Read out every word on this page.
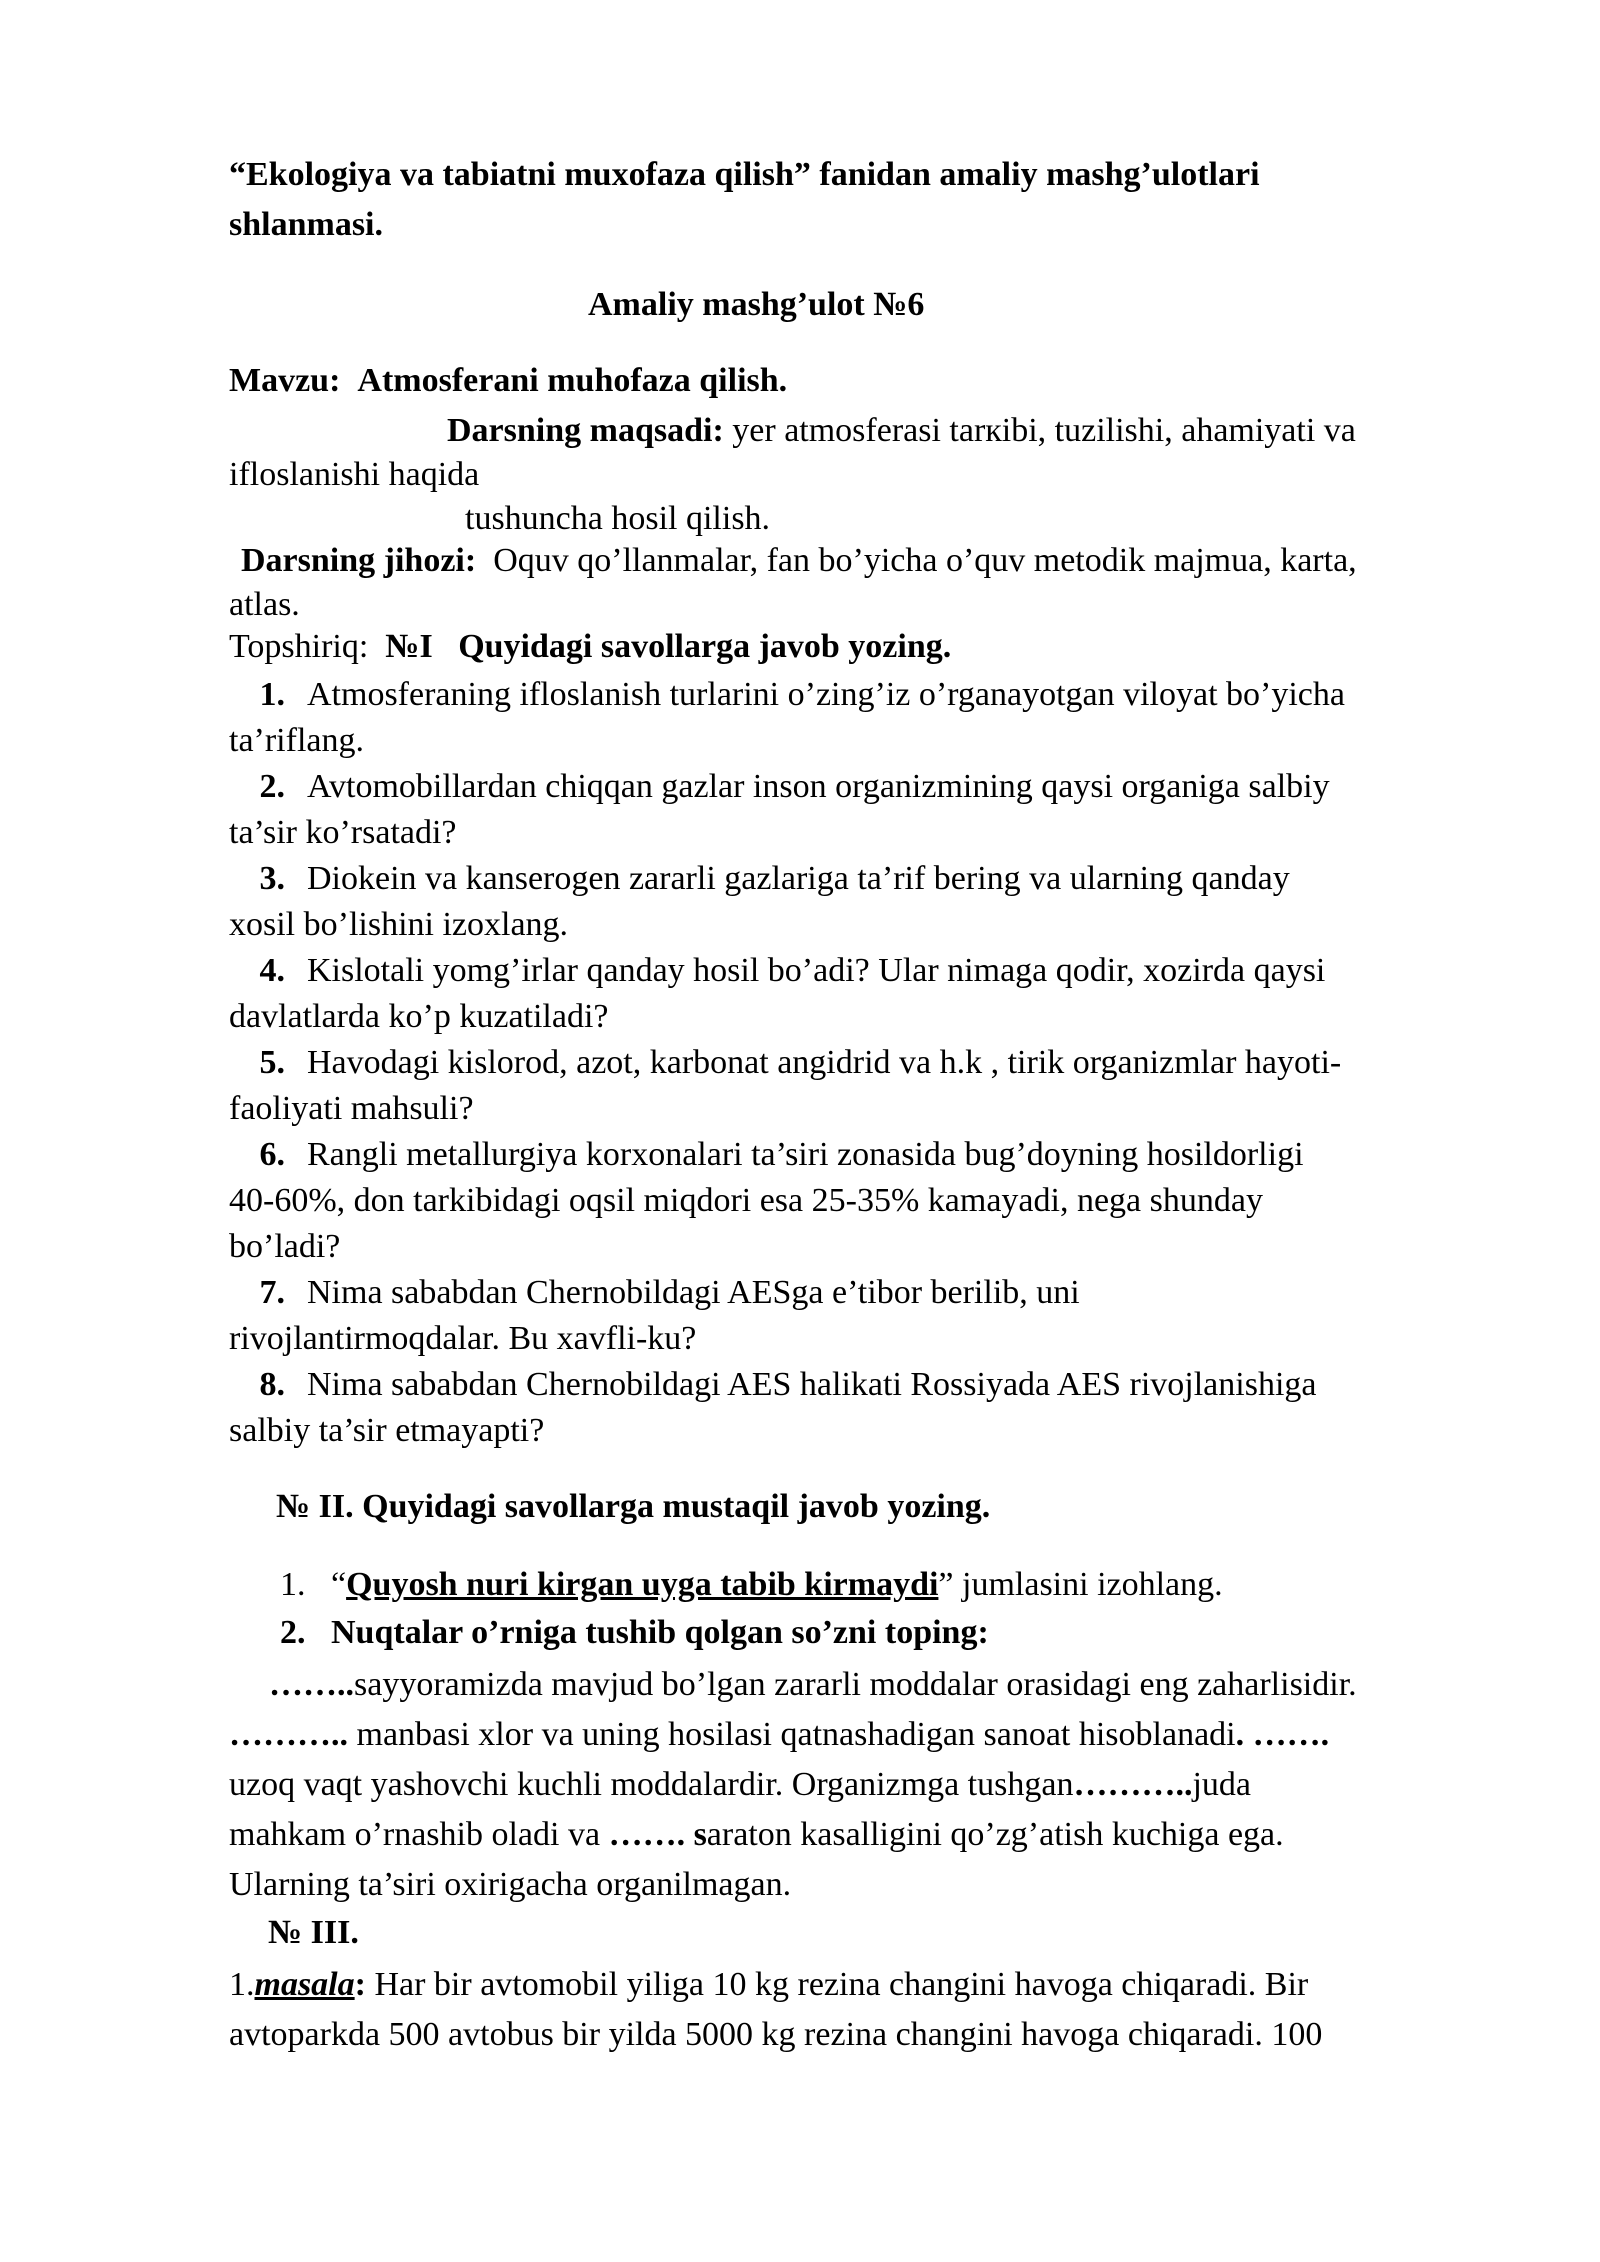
“Ekologiya va tabiatni muxofaza qilish” fanidan amaliy mashg’ulotlari
shlanmasi.
Amaliy mashg’ulot №6
Mavzu: Atmosferani muhofaza qilish.
Darsning maqsadi: yer atmosferasi tarкibi, tuzilishi, ahamiyati va
ifloslanishi haqida
tushuncha hosil qilish.
Darsning jihozi: Oquv qo’llanmalar, fan bo’yicha o’quv metodik majmua, karta,
atlas.
Topshiriq: №I Quyidagi savollarga javob yozing.
1. Atmosferaning ifloslanish turlarini o’zing’iz o’rganayotgan viloyat bo’yicha
ta’riflang.
2. Avtomobillardan chiqqan gazlar inson organizmining qaysi organiga salbiy
ta’sir ko’rsatadi?
3. Diokein va kanserogen zararli gazlariga ta’rif bering va ularning qanday
xosil bo’lishini izoxlang.
4. Kislotali yomg’irlar qanday hosil bo’adi? Ular nimaga qodir, xozirda qaysi
davlatlarda ko’p kuzatiladi?
5. Havodagi kislorod, azot, karbonat angidrid va h.k , tirik organizmlar hayoti-
faoliyati mahsuli?
6. Rangli metallurgiya korxonalari ta’siri zonasida bug’doyning hosildorligi
40-60%, don tarkibidagi oqsil miqdori esa 25-35% kamayadi, nega shunday
bo’ladi?
7. Nima sababdan Chernobildagi AESga e’tibor berilib, uni
rivojlantirmoqdalar. Bu xavfli-ku?
8. Nima sababdan Chernobildagi AES halikati Rossiyada AES rivojlanishiga
salbiy ta’sir etmayapti?
№ II. Quyidagi savollarga mustaqil javob yozing.
1. “Quyosh nuri kirgan uyga tabib kirmaydi” jumlasini izohlang.
2. Nuqtalar o’rniga tushib qolgan so’zni toping:
……..sayyoramizda mavjud bo’lgan zararli moddalar orasidagi eng zaharlisidir.
……….. manbasi xlor va uning hosilasi qatnashadigan sanoat hisoblanadi. …….
uzoq vaqt yashovchi kuchli moddalardir. Organizmga tushgan………..juda
mahkam o’rnashib oladi va ……. saraton kasalligini qo’zg’atish kuchiga ega.
Ularning ta’siri oxirigacha organilmagan.
№ III.
1.masala: Har bir avtomobil yiliga 10 kg rezina changini havoga chiqaradi. Bir
avtoparkda 500 avtobus bir yilda 5000 kg rezina changini havoga chiqaradi. 100
